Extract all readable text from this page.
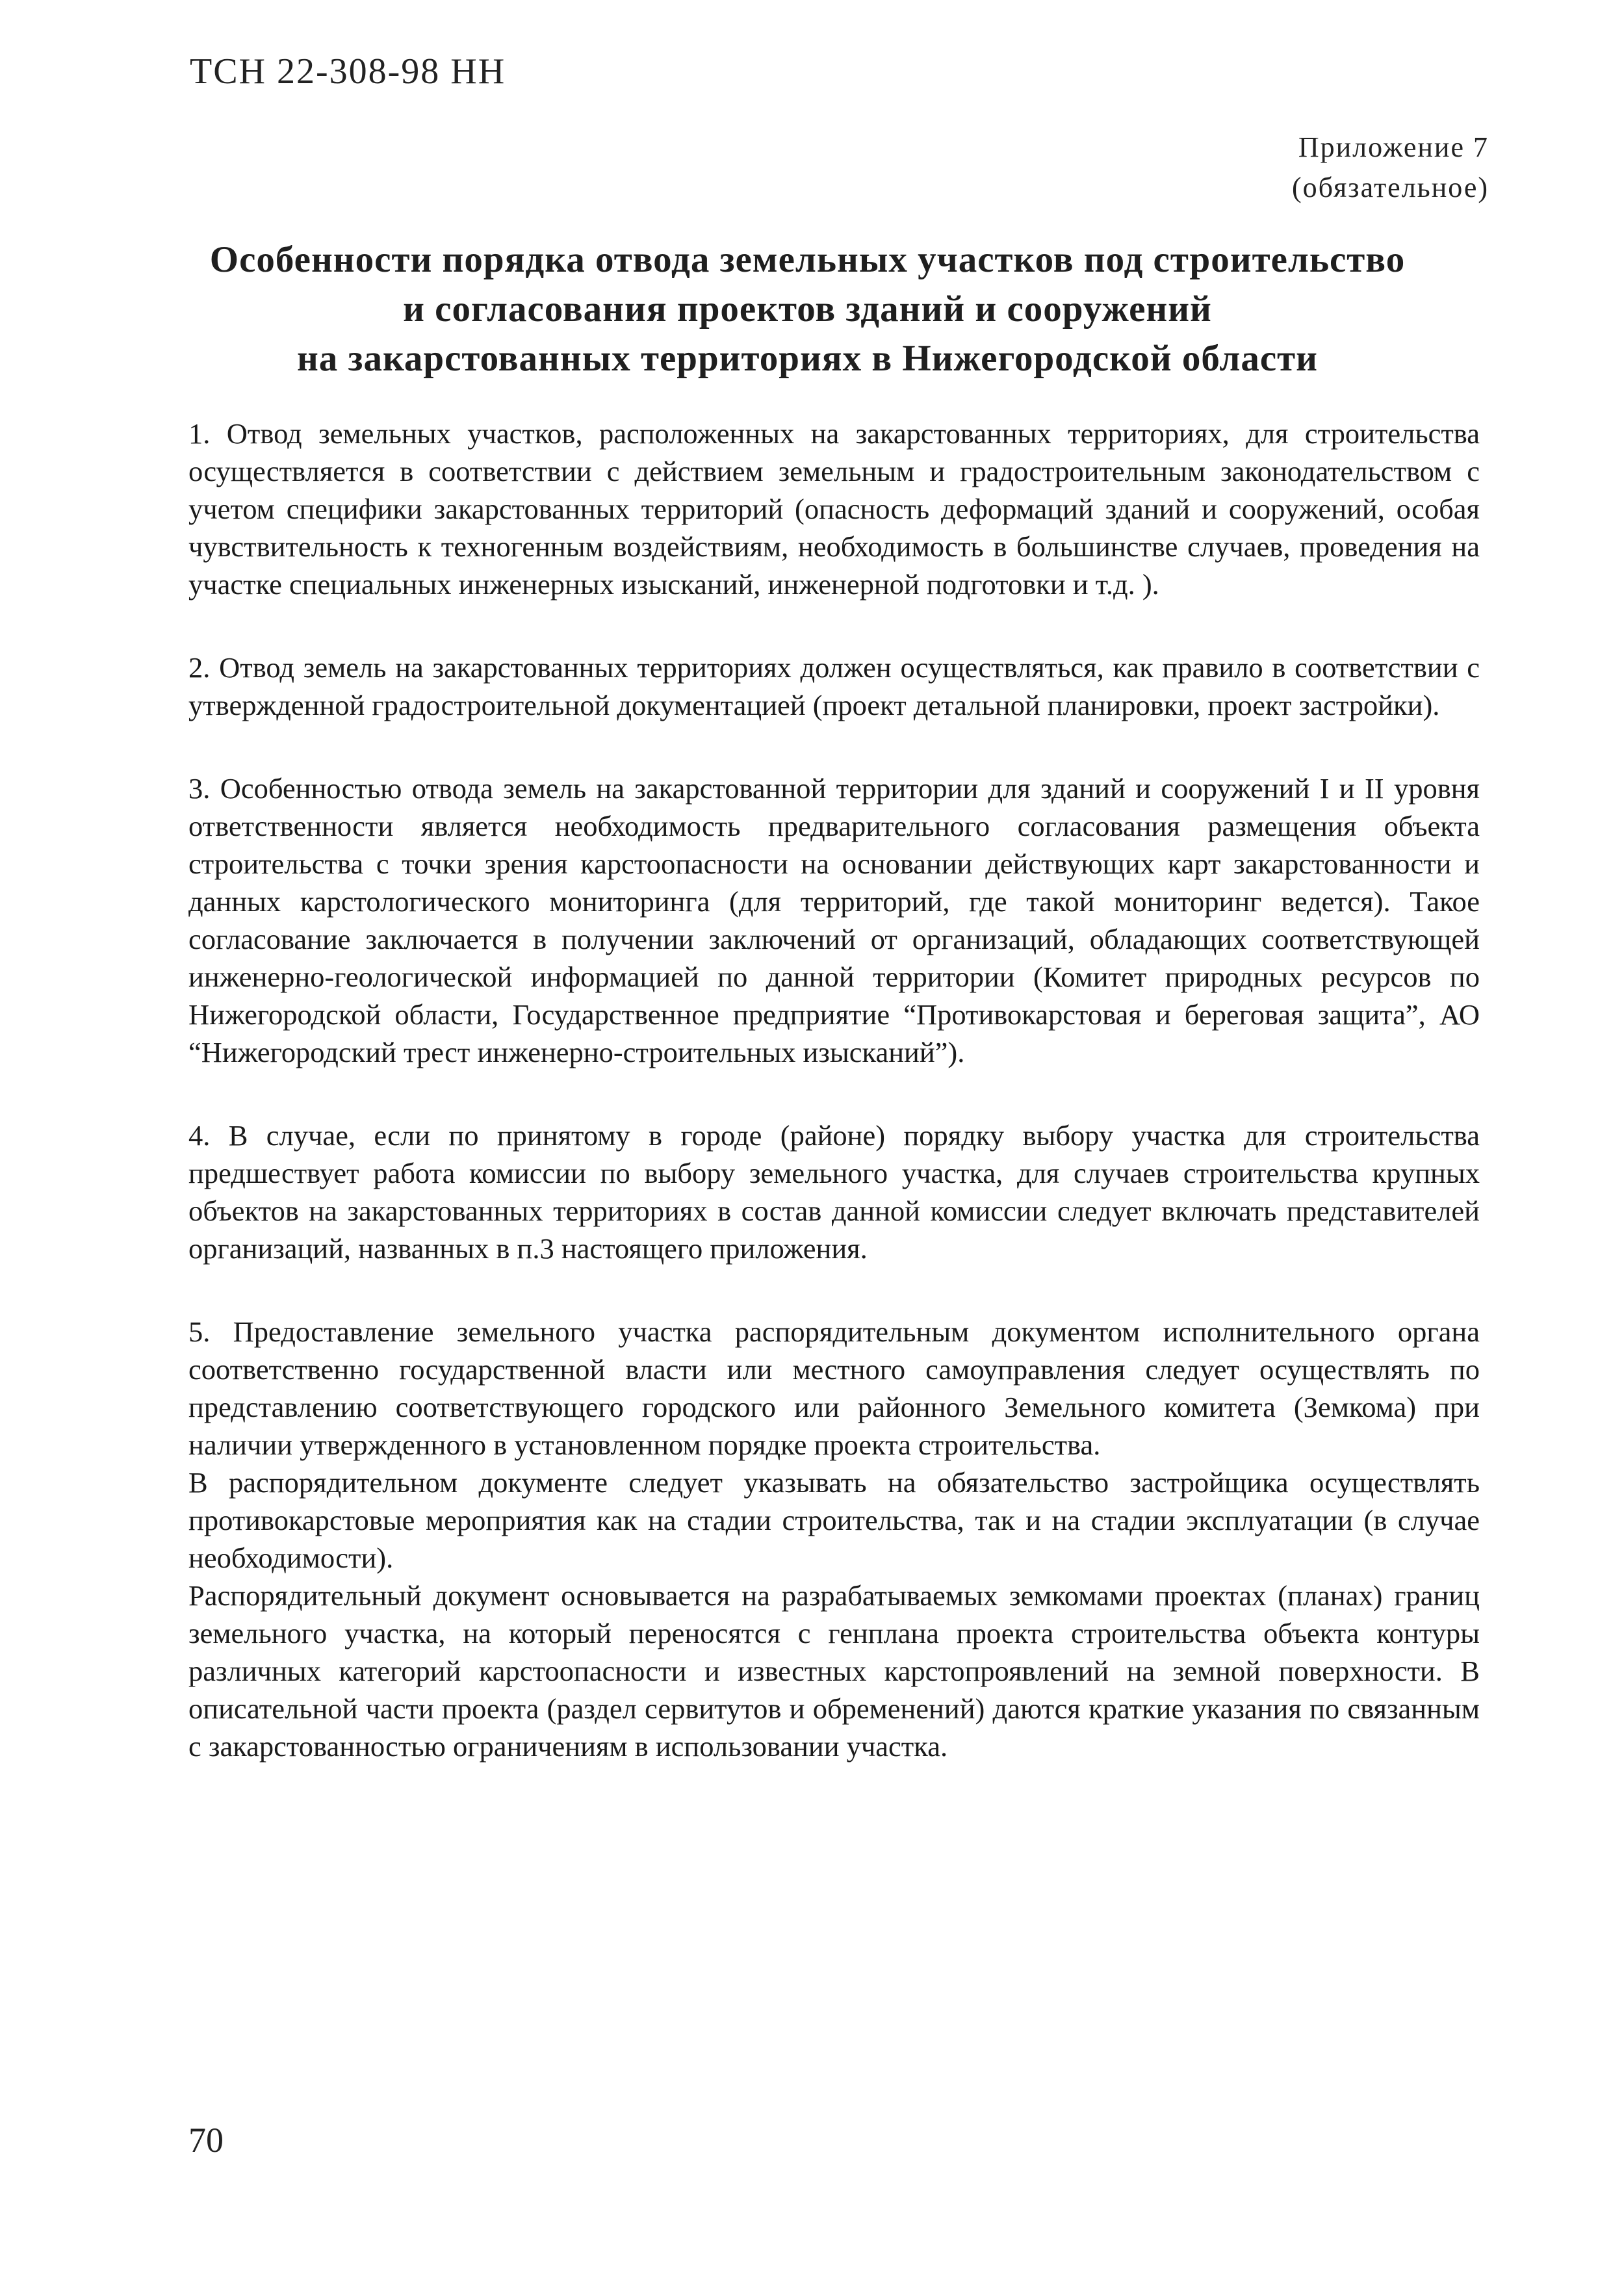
ТСН 22-308-98 НН
Приложение 7
(обязательное)
Особенности порядка отвода земельных участков под строительство
и согласования проектов зданий и сооружений
на закарстованных территориях в Нижегородской области

1. Отвод земельных участков, расположенных на закарстованных территориях, для строительства осуществляется в соответствии с действием земельным и градостроительным законодательством с учетом специфики закарстованных территорий (опасность деформаций зданий и сооружений, особая чувствительность к техногенным воздействиям, необходимость в большинстве случаев, проведения на участке специальных инженерных изысканий, инженерной подготовки и т.д. ).

2. Отвод земель на закарстованных территориях должен осуществляться, как правило в соответствии с утвержденной градостроительной документацией (проект детальной планировки, проект застройки).

3. Особенностью отвода земель на закарстованной территории для зданий и сооружений I и II уровня ответственности является необходимость предварительного согласования размещения объекта строительства с точки зрения карстоопасности на основании действующих карт закарстованности и данных карстологического мониторинга (для территорий, где такой мониторинг ведется). Такое согласование заключается в получении заключений от организаций, обладающих соответствующей инженерно-геологической информацией по данной территории (Комитет природных ресурсов по Нижегородской области, Государственное предприятие “Противокарстовая и береговая защита”, АО “Нижегородский трест инженерно-строительных изысканий”).

4. В случае, если по принятому в городе (районе) порядку выбору участка для строительства предшествует работа комиссии по выбору земельного участка, для случаев строительства крупных объектов на закарстованных территориях в состав данной комиссии следует включать представителей организаций, названных в п.3 настоящего приложения.

5. Предоставление земельного участка распорядительным документом исполнительного органа соответственно государственной власти или местного самоуправления следует осуществлять по представлению соответствующего городского или районного Земельного комитета (Земкома) при наличии утвержденного в установленном порядке проекта строительства.

В распорядительном документе следует указывать на обязательство застройщика осуществлять противокарстовые мероприятия как на стадии строительства, так и на стадии эксплуатации (в случае необходимости).

Распорядительный документ основывается на разрабатываемых земкомами проектах (планах) границ земельного участка, на который переносятся с генплана проекта строительства объекта контуры различных категорий карстоопасности и известных карстопроявлений на земной поверхности. В описательной части проекта (раздел сервитутов и обременений) даются краткие указания по связанным с закарстованностью ограничениям в использовании участка.

70
